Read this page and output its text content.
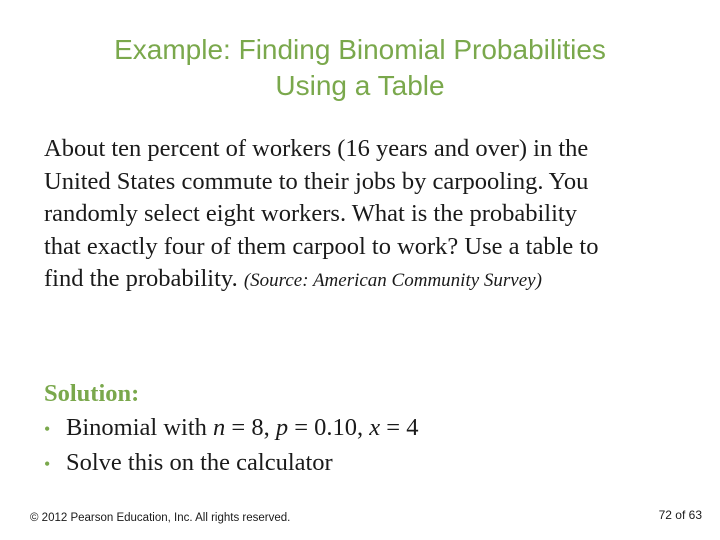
Example: Finding Binomial Probabilities
Using a Table
About ten percent of workers (16 years and over) in the
United States commute to their jobs by carpooling. You
randomly select eight workers. What is the probability
that exactly four of them carpool to work? Use a table to
find the probability. (Source: American Community Survey)
Solution:
• Binomial with n = 8, p = 0.10, x = 4
• Solve this on the calculator
© 2012 Pearson Education, Inc. All rights reserved.	72 of 63
